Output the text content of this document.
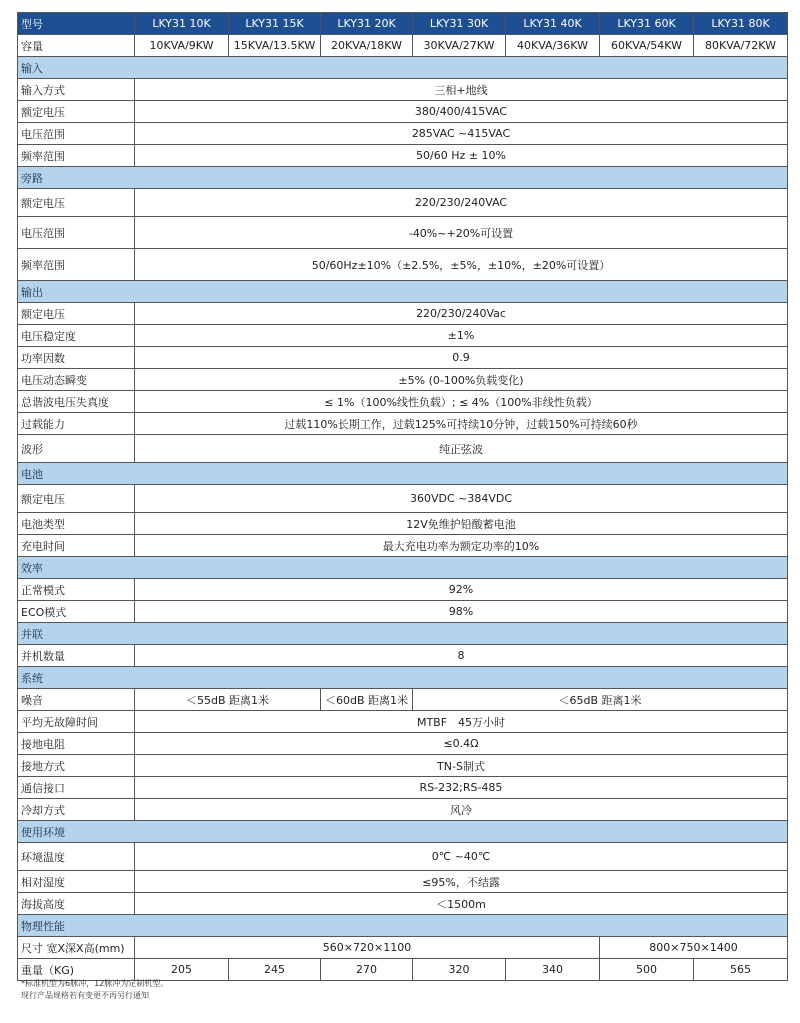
型号	LKY31 10K	LKY31 15K	LKY31 20K	LKY31 30K	LKY31 40K	LKY31 60K	LKY31 80K
容量	10KVA/9KW	15KVA/13.5KW	20KVA/18KW	30KVA/27KW	40KVA/36KW	60KVA/54KW	80KVA/72KW
输入							
输入方式	三相+地线						
额定电压	380/400/415VAC						
电压范围	285VAC ~415VAC						
频率范围	50/60 Hz ± 10%						
旁路							
额定电压	220/230/240VAC						
电压范围	-40%~+20%可设置						
频率范围	50/60Hz±10%（±2.5%，±5%，±10%，±20%可设置）						
输出							
额定电压	220/230/240Vac						
电压稳定度	±1%						
功率因数	0.9						
电压动态瞬变	±5% (0-100%负载变化)						
总谐波电压失真度	≤ 1%（100%线性负载）; ≤ 4%（100%非线性负载）						
过载能力	过载110%长期工作，过载125%可持续10分钟，过载150%可持续60秒						
波形	纯正弦波						
电池							
额定电压	360VDC ~384VDC						
电池类型	12V免维护铅酸蓄电池						
充电时间	最大充电功率为额定功率的10%						
效率							
正常模式	92%						
ECO模式	98%						
并联							
并机数量	8						
系统							
噪音	＜55dB 距离1米		＜60dB 距离1米	＜65dB 距离1米			
平均无故障时间	MTBF　45万小时						
接地电阻	≤0.4Ω						
接地方式	TN-S制式						
通信接口	RS-232;RS-485						
冷却方式	风冷						
使用环境							
环境温度	0℃ ~40℃						
相对湿度	≤95%，不结露						
海拔高度	＜1500m						
物理性能							
尺寸 宽X深X高(mm)	560×720×1100					800×750×1400	
重量（KG)	205	245	270	320	340	500	565
*标准机型为6脉冲，12脉冲为定制机型。
现行产品规格若有变更不再另行通知
